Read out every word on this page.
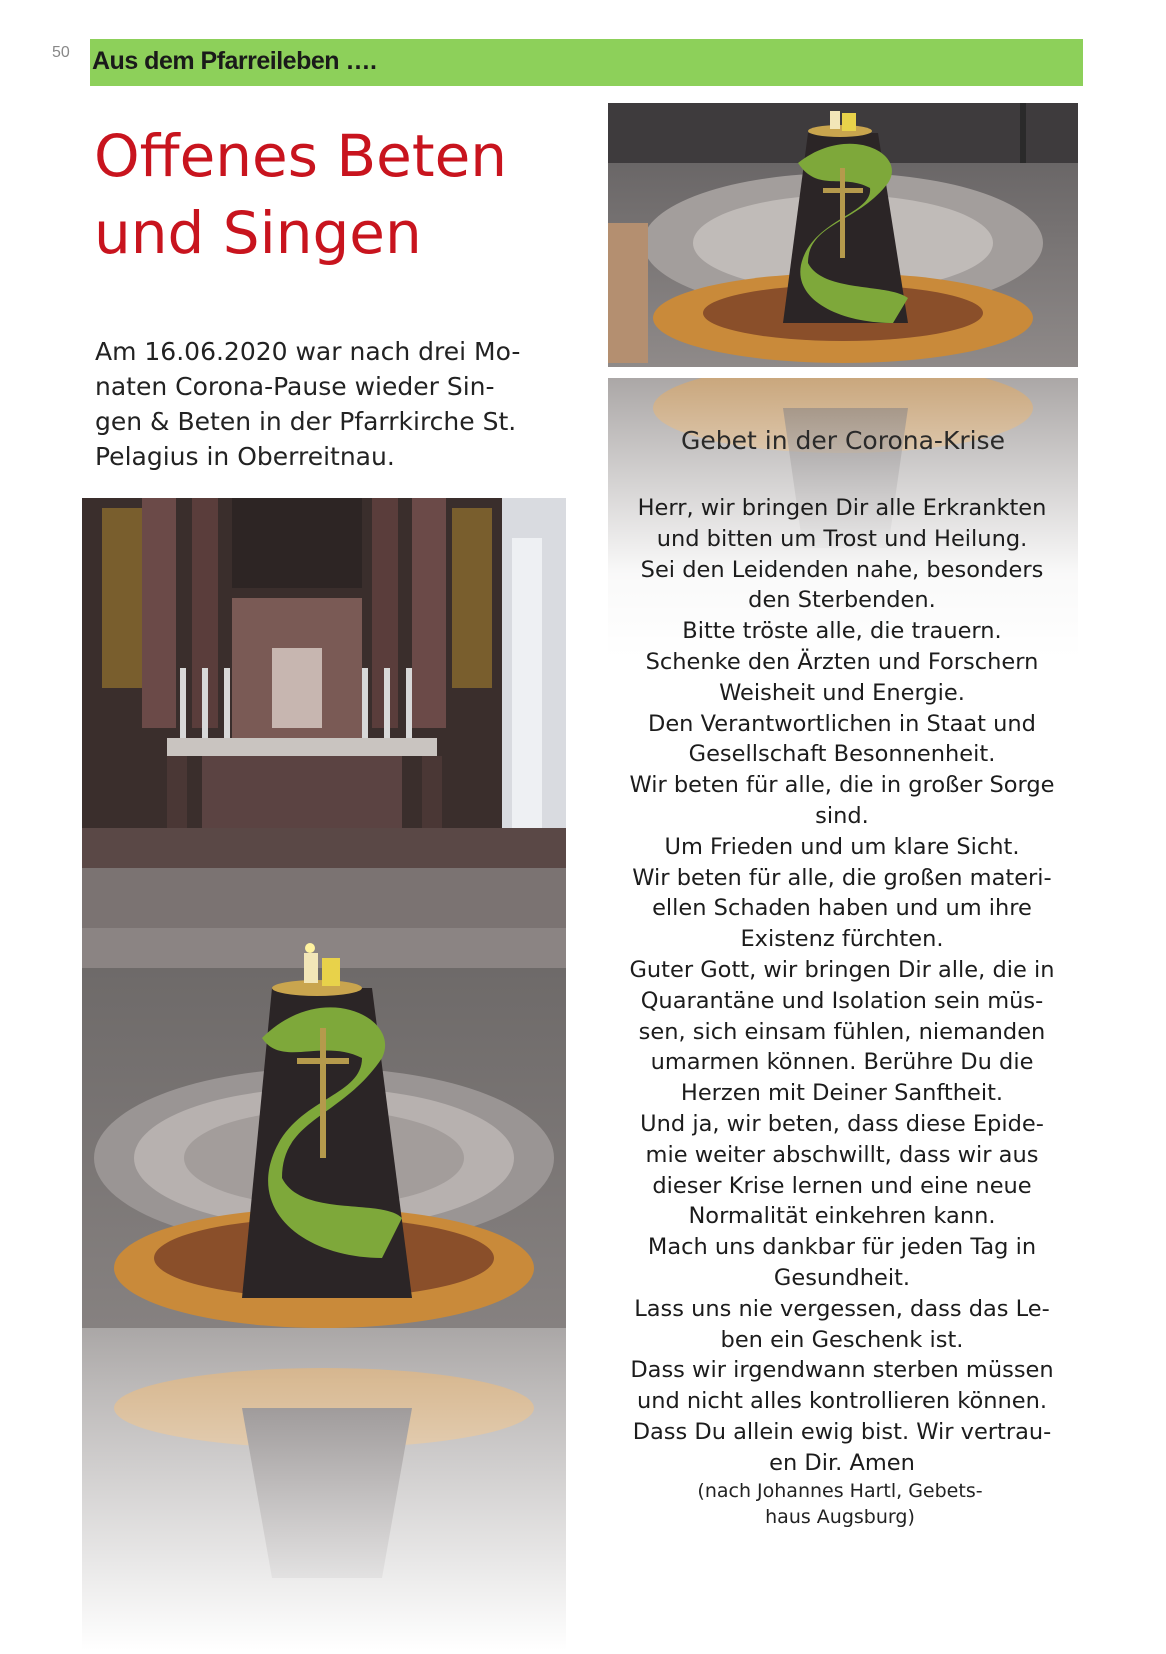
50 Aus dem Pfarreileben ….
Offenes Beten
und Singen

Am 16.06.2020 war nach drei Mo-
naten Corona-Pause wieder Sin-
gen & Beten in der Pfarrkirche St.
Pelagius in Oberreitnau.

Gebet in der Corona-Krise

Herr, wir bringen Dir alle Erkrankten
und bitten um Trost und Heilung.
Sei den Leidenden nahe, besonders
den Sterbenden.
Bitte tröste alle, die trauern.
Schenke den Ärzten und Forschern
Weisheit und Energie.
Den Verantwortlichen in Staat und
Gesellschaft Besonnenheit.
Wir beten für alle, die in großer Sorge
sind.
Um Frieden und um klare Sicht.
Wir beten für alle, die großen materi-
ellen Schaden haben und um ihre
Existenz fürchten.
Guter Gott, wir bringen Dir alle, die in
Quarantäne und Isolation sein müs-
sen, sich einsam fühlen, niemanden
umarmen können. Berühre Du die
Herzen mit Deiner Sanftheit.
Und ja, wir beten, dass diese Epide-
mie weiter abschwillt, dass wir aus
dieser Krise lernen und eine neue
Normalität einkehren kann.
Mach uns dankbar für jeden Tag in
Gesundheit.
Lass uns nie vergessen, dass das Le-
ben ein Geschenk ist.
Dass wir irgendwann sterben müssen
und nicht alles kontrollieren können.
Dass Du allein ewig bist. Wir vertrau-
en Dir. Amen

(nach Johannes Hartl, Gebets-
haus Augsburg)
